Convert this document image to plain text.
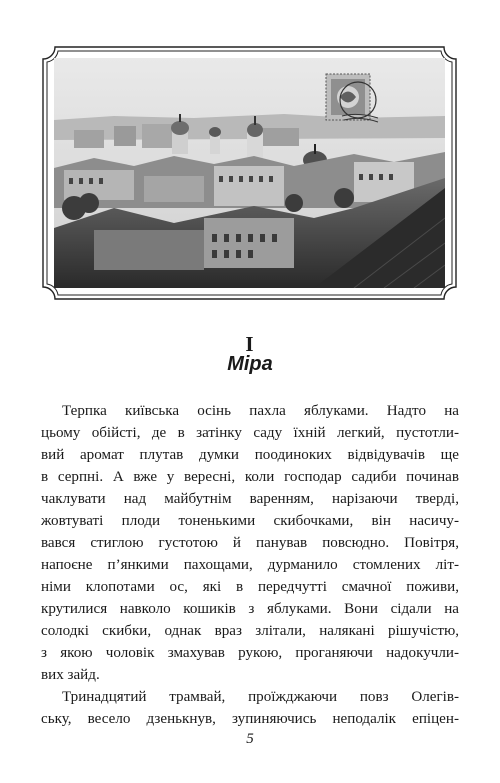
I
Міра

Терпка київська осінь пахла яблуками. Надто на

цьому обійсті, де в затінку саду їхній легкий, пустотли-

вий аромат плутав думки поодиноких відвідувачів ще

в серпні. А вже у вересні, коли господар садиби починав

чаклувати над майбутнім варенням, нарізаючи тверді,

жовтуваті плоди тоненькими скибочками, він насичу-

вався стиглою густотою й панував повсюдно. Повітря,

напоєне п’янкими пахощами, дурманило стомлених літ-

німи клопотами ос, які в передчутті смачної поживи,

крутилися навколо кошиків з яблуками. Вони сідали на

солодкі скибки, однак враз злітали, налякані рішучістю,

з якою чоловік змахував рукою, проганяючи надокучли-

вих зайд.

Тринадцятий трамвай, проїжджаючи повз Олегів-

ську, весело дзенькнув, зупиняючись неподалік епіцен-

5
